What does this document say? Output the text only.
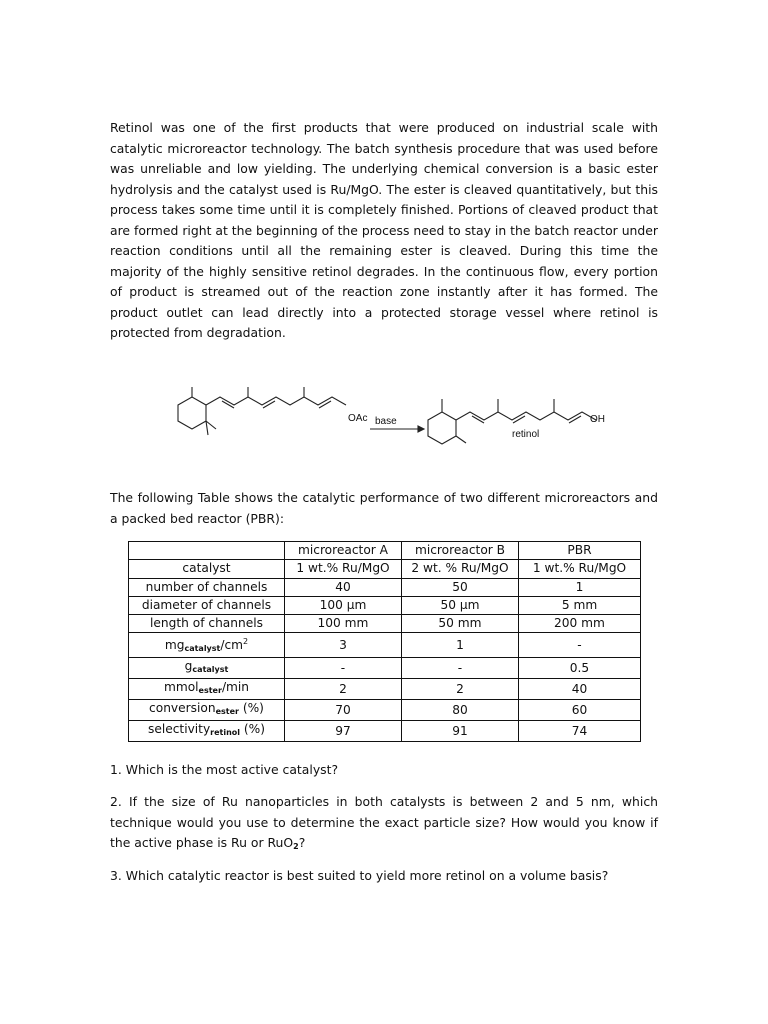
Retinol was one of the first products that were produced on industrial scale with catalytic microreactor technology. The batch synthesis procedure that was used before was unreliable and low yielding. The underlying chemical conversion is a basic ester hydrolysis and the catalyst used is Ru/MgO. The ester is cleaved quantitatively, but this process takes some time until it is completely finished. Portions of cleaved product that are formed right at the beginning of the process need to stay in the batch reactor under reaction conditions until all the remaining ester is cleaved. During this time the majority of the highly sensitive retinol degrades. In the continuous flow, every portion of product is streamed out of the reaction zone instantly after it has formed. The product outlet can lead directly into a protected storage vessel where retinol is protected from degradation.

OAc base	OH
retinol

The following Table shows the catalytic performance of two different microreactors and a packed bed reactor (PBR):

	microreactor A	microreactor B	PBR
catalyst	1 wt.% Ru/MgO	2 wt. % Ru/MgO	1 wt.% Ru/MgO
number of channels	40	50	1
diameter of channels	100 μm	50 μm	5 mm
length of channels	100 mm	50 mm	200 mm
mgcatalyst/$cm^2$	3	1	-
gcatalyst	-	-	0.5
mmolester/min	2	2	40
conversionester (%)	70	80	60
selectivityretinol (%)	97	91	74

1. Which is the most active catalyst?

2. If the size of Ru nanoparticles in both catalysts is between 2 and 5 nm, which technique would you use to determine the exact particle size? How would you know if the active phase is Ru or RuO2?

3. Which catalytic reactor is best suited to yield more retinol on a volume basis?
